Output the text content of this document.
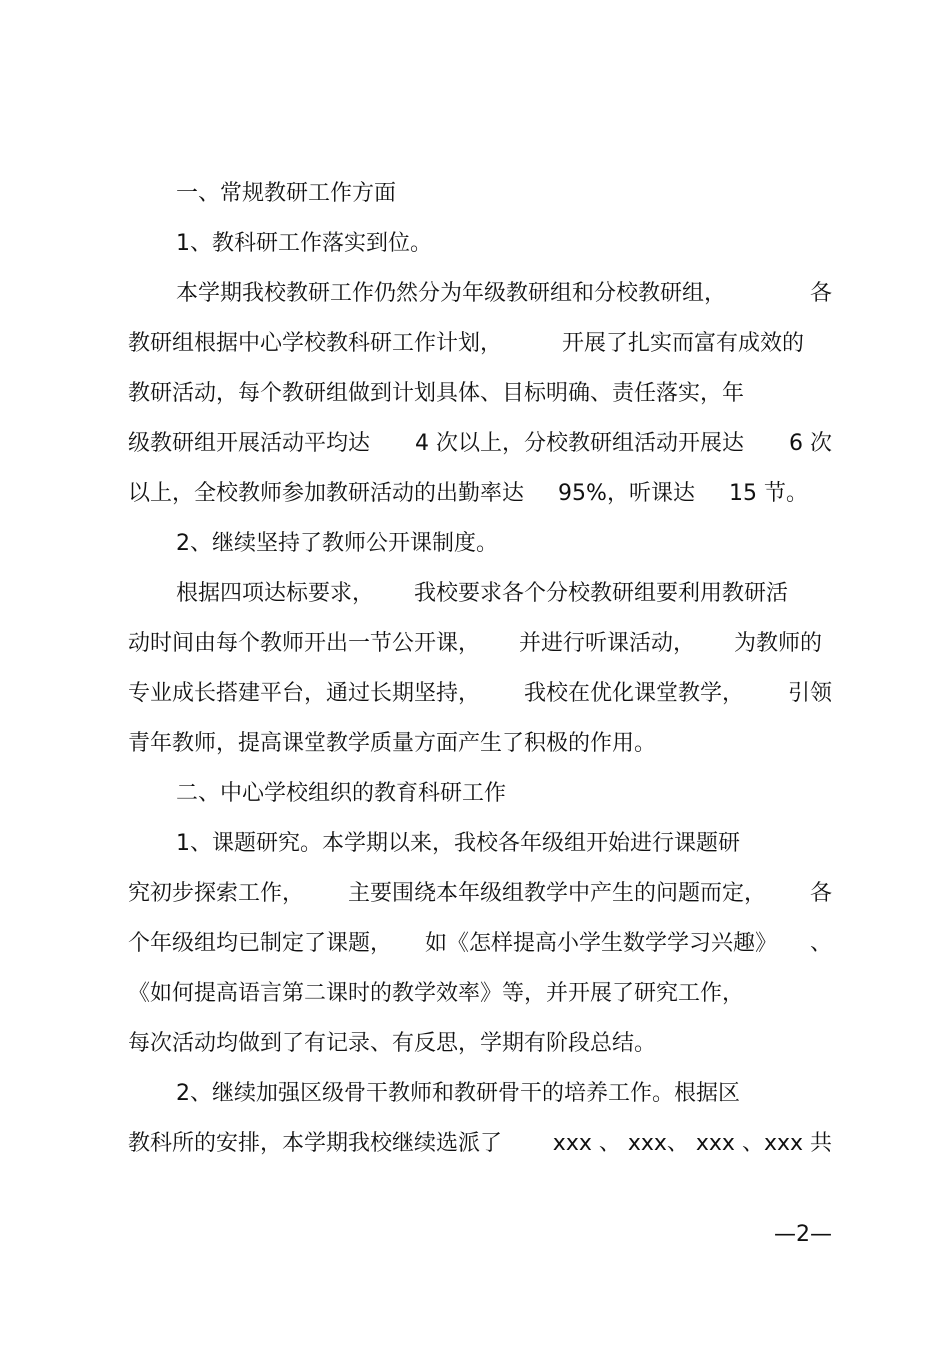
一、常规教研工作方面
1、教科研工作落实到位。
本学期我校教研工作仍然分为年级教研组和分校教研组，	各
教研组根据中心学校教科研工作计划，	开展了扎实而富有成效的
教研活动，每个教研组做到计划具体、目标明确、责任落实，年
级教研组开展活动平均达 4 次以上，分校教研组活动开展达 6 次
以上，全校教师参加教研活动的出勤率达 95%，听课达 15 节。
2、继续坚持了教师公开课制度。
根据四项达标要求， 我校要求各个分校教研组要利用教研活
动时间由每个教师开出一节公开课， 并进行听课活动， 为教师的
专业成长搭建平台，通过长期坚持， 我校在优化课堂教学， 引领
青年教师，提高课堂教学质量方面产生了积极的作用。
二、中心学校组织的教育科研工作
1、课题研究。本学期以来，我校各年级组开始进行课题研
究初步探索工作， 主要围绕本年级组教学中产生的问题而定， 各
个年级组均已制定了课题， 如《怎样提高小学生数学学习兴趣》 、
《如何提高语言第二课时的教学效率》等，并开展了研究工作，
每次活动均做到了有记录、有反思，学期有阶段总结。
2、继续加强区级骨干教师和教研骨干的培养工作。根据区
教科所的安排，本学期我校继续选派了 xxx 、 xxx、 xxx 、xxx 共
—2—
